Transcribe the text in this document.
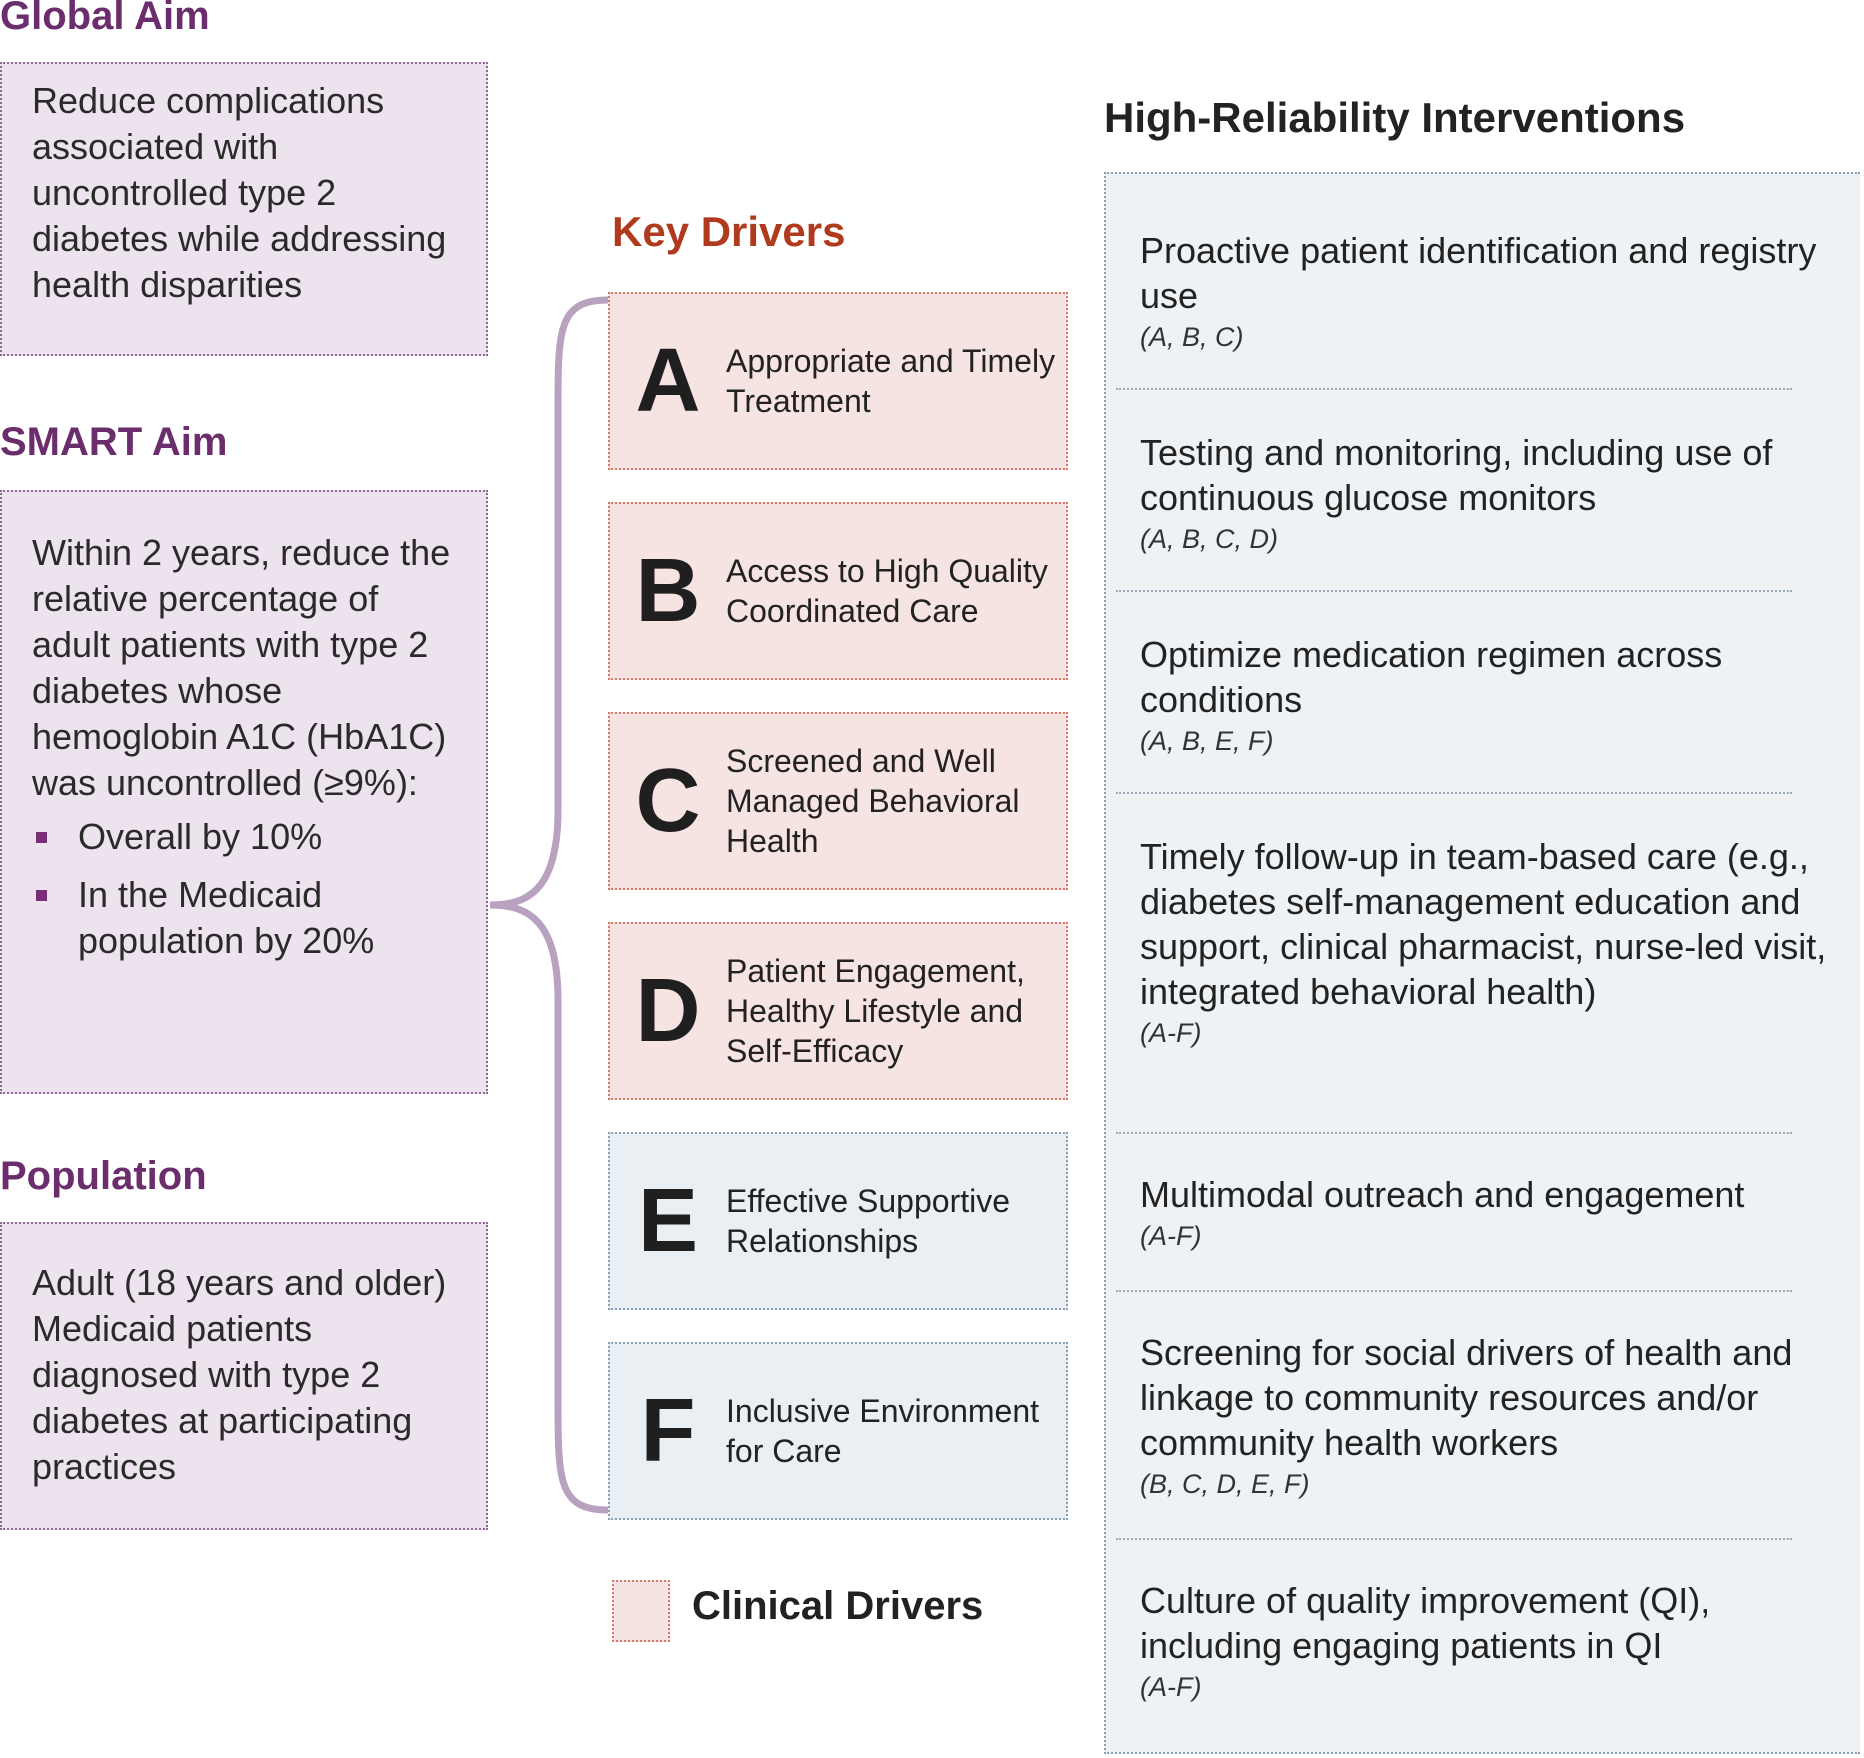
Global Aim
Reduce complications associated with uncontrolled type 2 diabetes while addressing health disparities
SMART Aim
Within 2 years, reduce the relative percentage of adult patients with type 2 diabetes whose hemoglobin A1C (HbA1C) was uncontrolled (≥9%):
Overall by 10%
In the Medicaid population by 20%
Population
Adult (18 years and older) Medicaid patients diagnosed with type 2 diabetes at participating practices
Key Drivers
A Appropriate and Timely Treatment
B Access to High Quality Coordinated Care
C Screened and Well Managed Behavioral Health
D Patient Engagement, Healthy Lifestyle and Self-Efficacy
E Effective Supportive Relationships
F Inclusive Environment for Care
Clinical Drivers
High-Reliability Interventions
Proactive patient identification and registry use
(A, B, C)
Testing and monitoring, including use of continuous glucose monitors
(A, B, C, D)
Optimize medication regimen across conditions
(A, B, E, F)
Timely follow-up in team-based care (e.g., diabetes self-management education and support, clinical pharmacist, nurse-led visit, integrated behavioral health)
(A-F)
Multimodal outreach and engagement
(A-F)
Screening for social drivers of health and linkage to community resources and/or community health workers
(B, C, D, E, F)
Culture of quality improvement (QI), including engaging patients in QI
(A-F)
